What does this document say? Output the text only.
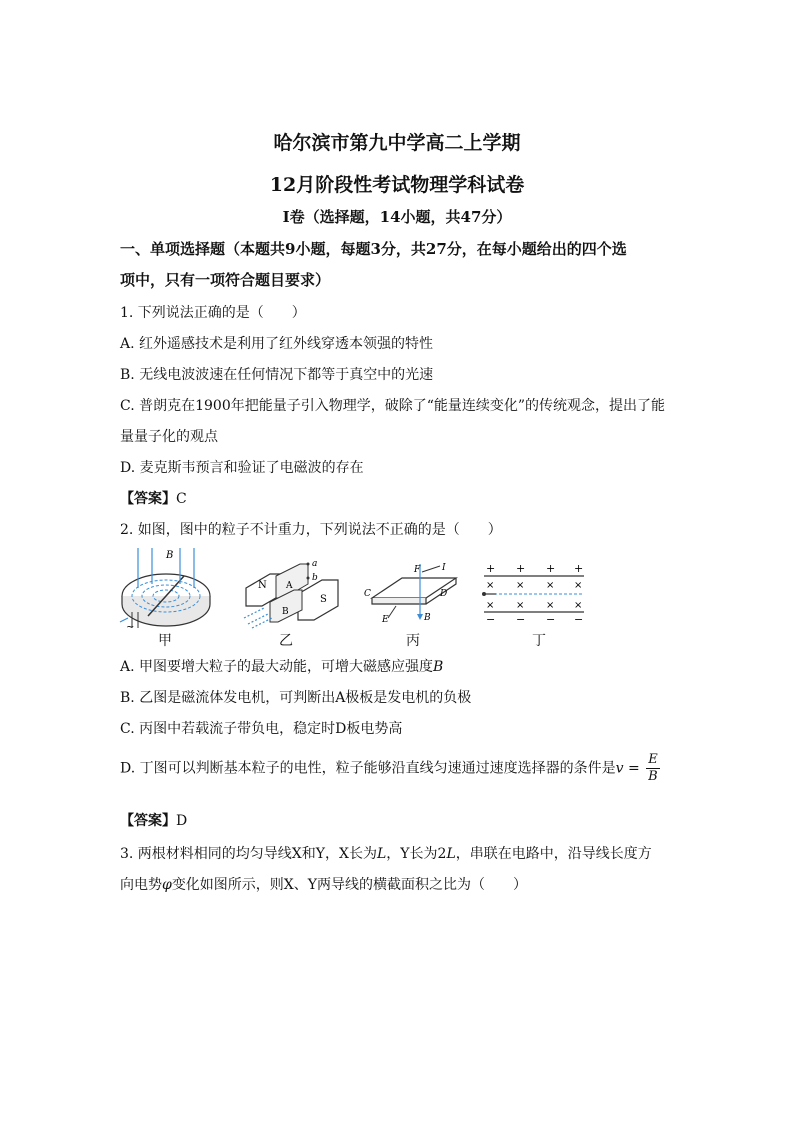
哈尔滨市第九中学高二上学期
12月阶段性考试物理学科试卷
I卷（选择题，14小题，共47分）
一、单项选择题（本题共9小题，每题3分，共27分，在每小题给出的四个选
项中，只有一项符合题目要求）
1. 下列说法正确的是（　　）
A. 红外遥感技术是利用了红外线穿透本领强的特性
B. 无线电波波速在任何情况下都等于真空中的光速
C. 普朗克在1900年把能量子引入物理学，破除了“能量连续变化”的传统观念，提出了能
量量子化的观点
D. 麦克斯韦预言和验证了电磁波的存在
【答案】C
2. 如图，图中的粒子不计重力，下列说法不正确的是（　　）
B
~
甲
N
S
A
B
a
b
乙
F I
C	D
E	B
丙
+ + + +
× × × ×
× × × ×
− − − −
丁
A. 甲图要增大粒子的最大动能，可增大磁感应强度B
B. 乙图是磁流体发电机，可判断出A极板是发电机的负极
C. 丙图中若载流子带负电，稳定时D板电势高
D. 丁图可以判断基本粒子的电性，粒子能够沿直线匀速通过速度选择器的条件是$v = \frac{E}{B}$
【答案】D
3. 两根材料相同的均匀导线X和Y，X长为L，Y长为2L，串联在电路中，沿导线长度方
向电势φ变化如图所示，则X、Y两导线的横截面积之比为（　　）
